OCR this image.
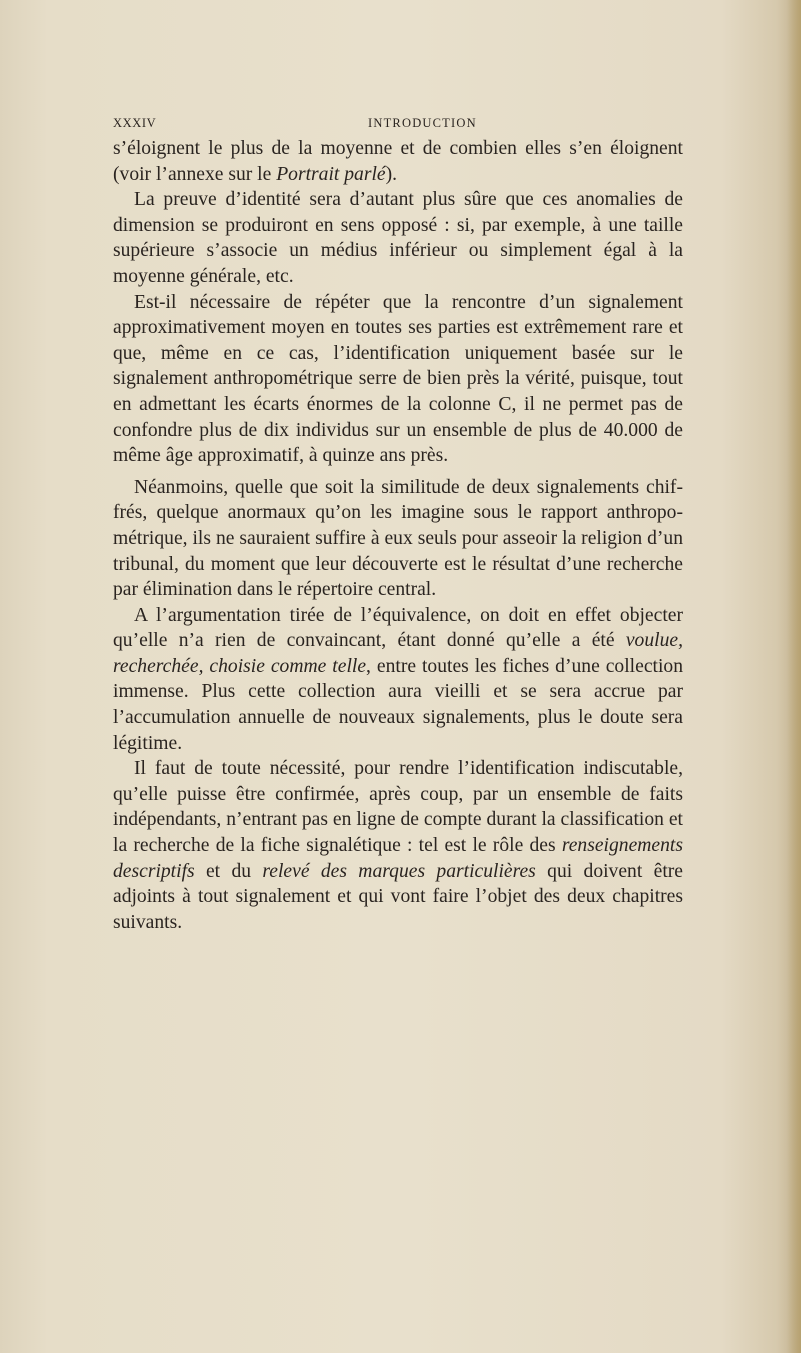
XXXIV	INTRODUCTION

s’éloignent le plus de la moyenne et de combien elles s’en éloignent (voir l’annexe sur le Portrait parlé).

La preuve d’identité sera d’autant plus sûre que ces anomalies de dimension se produiront en sens opposé : si, par exemple, à une taille supérieure s’associe un médius inférieur ou simplement égal à la moyenne générale, etc.

Est-il nécessaire de répéter que la rencontre d’un signalement approximativement moyen en toutes ses parties est extrêmement rare et que, même en ce cas, l’identification uniquement basée sur le signalement anthropométrique serre de bien près la vérité, puisque, tout en admettant les écarts énormes de la colonne C, il ne permet pas de confondre plus de dix individus sur un ensemble de plus de 40.000 de même âge approximatif, à quinze ans près.

Néanmoins, quelle que soit la similitude de deux signalements chiffrés, quelque anormaux qu’on les imagine sous le rapport anthropométrique, ils ne sauraient suffire à eux seuls pour asseoir la religion d’un tribunal, du moment que leur découverte est le résultat d’une recherche par élimination dans le répertoire central.

A l’argumentation tirée de l’équivalence, on doit en effet objecter qu’elle n’a rien de convaincant, étant donné qu’elle a été voulue, recherchée, choisie comme telle, entre toutes les fiches d’une collection immense. Plus cette collection aura vieilli et se sera accrue par l’accumulation annuelle de nouveaux signalements, plus le doute sera légitime.

Il faut de toute nécessité, pour rendre l’identification indiscutable, qu’elle puisse être confirmée, après coup, par un ensemble de faits indépendants, n’entrant pas en ligne de compte durant la classification et la recherche de la fiche signalétique : tel est le rôle des renseignements descriptifs et du relevé des marques particulières qui doivent être adjoints à tout signalement et qui vont faire l’objet des deux chapitres suivants.
